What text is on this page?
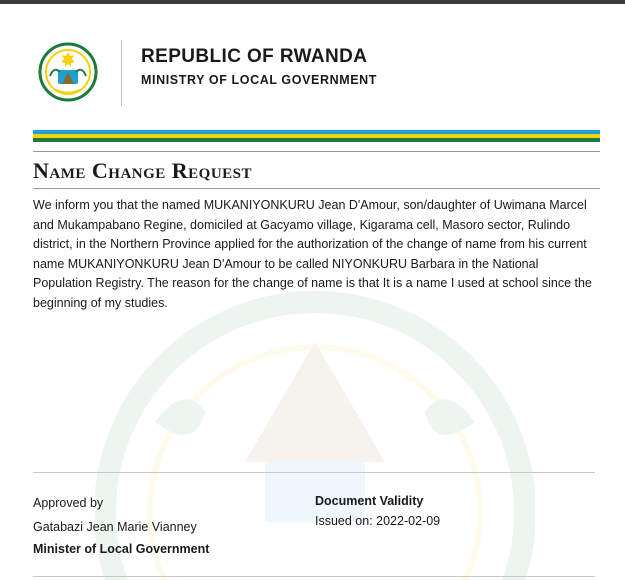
REPUBLIC OF RWANDA
MINISTRY OF LOCAL GOVERNMENT
Name Change Request
We inform you that the named MUKANIYONKURU Jean D'Amour, son/daughter of Uwimana Marcel and Mukampabano Regine, domiciled at Gacyamo village, Kigarama cell, Masoro sector, Rulindo district, in the Northern Province applied for the authorization of the change of name from his current name MUKANIYONKURU Jean D'Amour to be called NIYONKURU Barbara in the National Population Registry. The reason for the change of name is that It is a name I used at school since the beginning of my studies.
Approved by
Gatabazi Jean Marie Vianney
Minister of Local Government
Document Validity
Issued on: 2022-02-09
